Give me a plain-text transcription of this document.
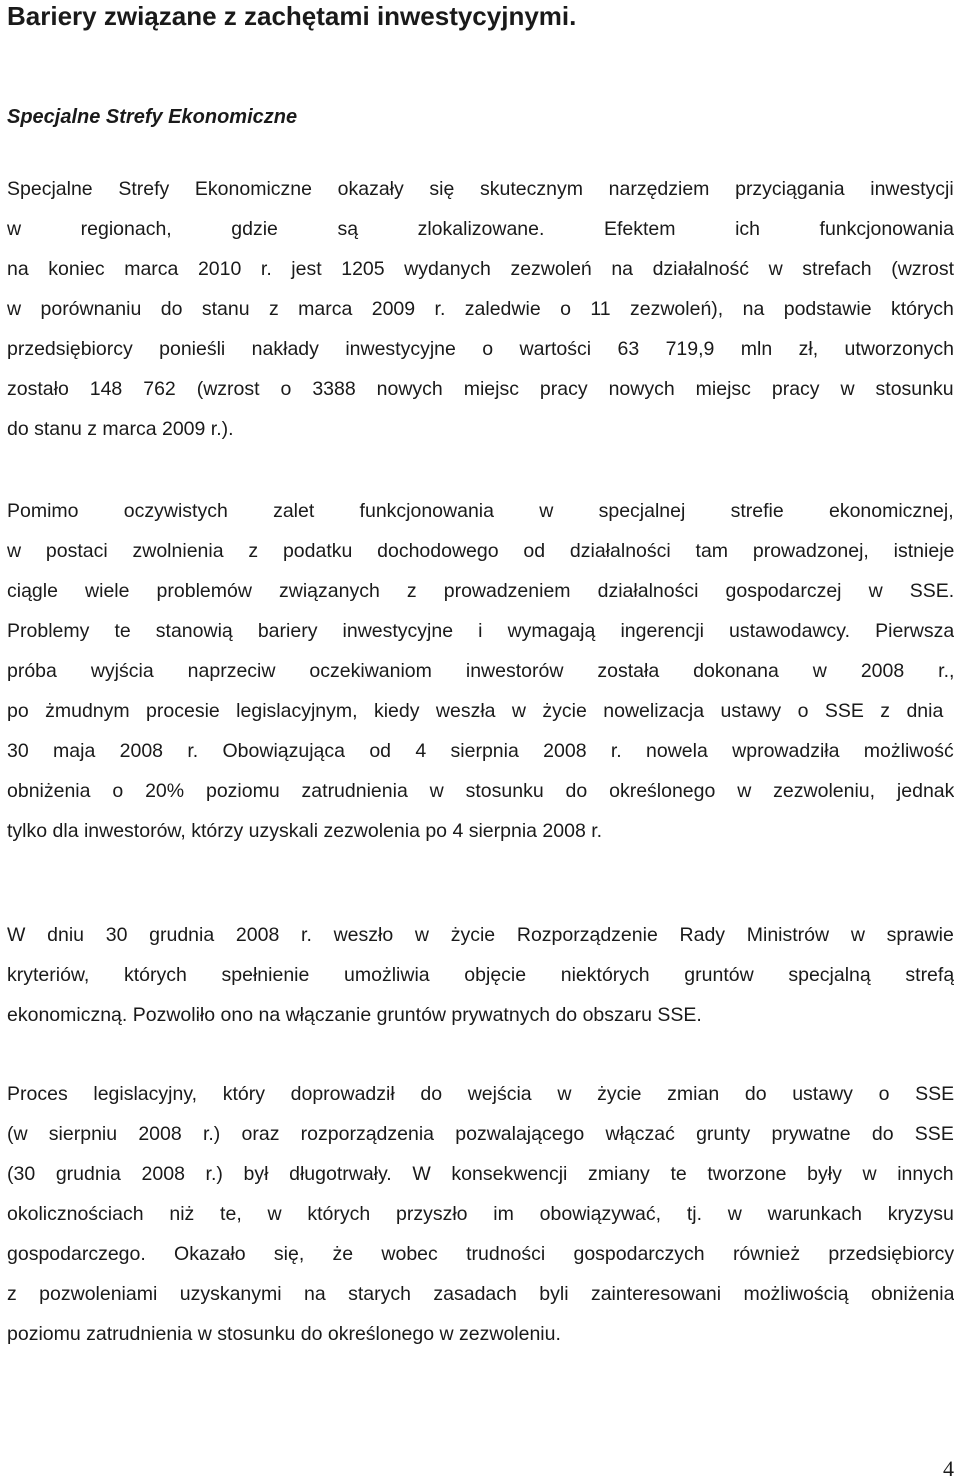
Bariery związane z zachętami inwestycyjnymi.
Specjalne Strefy Ekonomiczne
Specjalne Strefy Ekonomiczne okazały się skutecznym narzędziem przyciągania inwestycji
w regionach, gdzie są zlokalizowane. Efektem ich funkcjonowania
na koniec marca 2010 r. jest 1205 wydanych zezwoleń na działalność w strefach (wzrost
w porównaniu do stanu z marca 2009 r. zaledwie o 11 zezwoleń), na podstawie których
przedsiębiorcy ponieśli nakłady inwestycyjne o wartości 63 719,9 mln zł, utworzonych
zostało 148 762 (wzrost o 3388 nowych miejsc pracy nowych miejsc pracy w stosunku
do stanu z marca 2009 r.).
Pomimo oczywistych zalet funkcjonowania w specjalnej strefie ekonomicznej,
w postaci zwolnienia z podatku dochodowego od działalności tam prowadzonej, istnieje
ciągle wiele problemów związanych z prowadzeniem działalności gospodarczej w SSE.
Problemy te stanowią bariery inwestycyjne i wymagają ingerencji ustawodawcy. Pierwsza
próba wyjścia naprzeciw oczekiwaniom inwestorów została dokonana w 2008 r.,
po żmudnym procesie legislacyjnym, kiedy weszła w życie nowelizacja ustawy o SSE z dnia
30 maja 2008 r. Obowiązująca od 4 sierpnia 2008 r. nowela wprowadziła możliwość
obniżenia o 20% poziomu zatrudnienia w stosunku do określonego w zezwoleniu, jednak
tylko dla inwestorów, którzy uzyskali zezwolenia po 4 sierpnia 2008 r.
W dniu 30 grudnia 2008 r. weszło w życie Rozporządzenie Rady Ministrów w sprawie
kryteriów, których spełnienie umożliwia objęcie niektórych gruntów specjalną strefą
ekonomiczną. Pozwoliło ono na włączanie gruntów prywatnych do obszaru SSE.
Proces legislacyjny, który doprowadził do wejścia w życie zmian do ustawy o SSE
(w sierpniu 2008 r.) oraz rozporządzenia pozwalającego włączać grunty prywatne do SSE
(30 grudnia 2008 r.) był długotrwały. W konsekwencji zmiany te tworzone były w innych
okolicznościach niż te, w których przyszło im obowiązywać, tj. w warunkach kryzysu
gospodarczego. Okazało się, że wobec trudności gospodarczych również przedsiębiorcy
z pozwoleniami uzyskanymi na starych zasadach byli zainteresowani możliwością obniżenia
poziomu zatrudnienia w stosunku do określonego w zezwoleniu.
4
